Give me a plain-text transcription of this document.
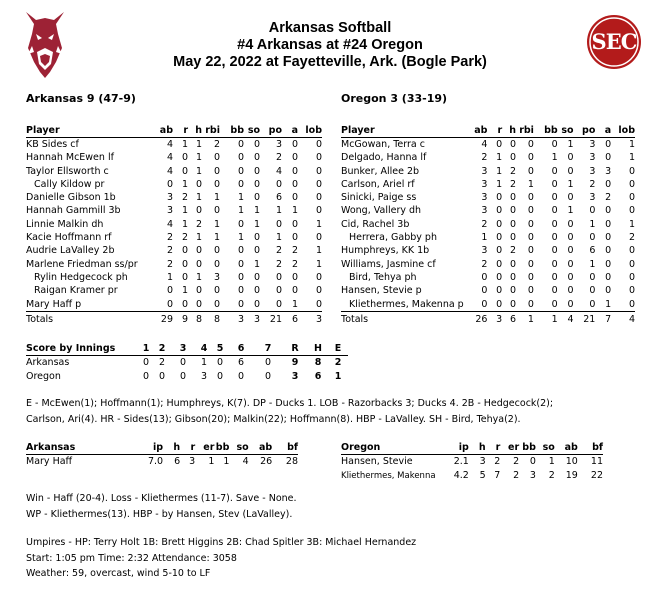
SEC
Arkansas Softball
#4 Arkansas at #24 Oregon
May 22, 2022 at Fayetteville, Ark. (Bogle Park)
Arkansas 9 (47-9)	Oregon 3 (33-19)
Player	ab	r	h	rbi	bb	so	po	a	lob
KB Sides cf	4	1	1	2	0	0	3	0	0
Hannah McEwen lf	4	0	1	0	0	0	2	0	0
Taylor Ellsworth c	4	0	1	0	0	0	4	0	0
Cally Kildow pr	0	1	0	0	0	0	0	0	0
Danielle Gibson 1b	3	2	1	1	1	0	6	0	0
Hannah Gammill 3b	3	1	0	0	1	1	1	1	0
Linnie Malkin dh	4	1	2	1	0	1	0	0	1
Kacie Hoffmann rf	2	2	1	1	1	0	1	0	0
Audrie LaValley 2b	2	0	0	0	0	0	2	2	1
Marlene Friedman ss/pr	2	0	0	0	0	1	2	2	1
Rylin Hedgecock ph	1	0	1	3	0	0	0	0	0
Raigan Kramer pr	0	1	0	0	0	0	0	0	0
Mary Haff p	0	0	0	0	0	0	0	1	0
Totals	29	9	8	8	3	3	21	6	3
Player	ab	r	h	rbi	bb	so	po	a	lob
McGowan, Terra c	4	0	0	0	0	1	3	0	1
Delgado, Hanna lf	2	1	0	0	1	0	3	0	1
Bunker, Allee 2b	3	1	2	0	0	0	3	3	0
Carlson, Ariel rf	3	1	2	1	0	1	2	0	0
Sinicki, Paige ss	3	0	0	0	0	0	3	2	0
Wong, Vallery dh	3	0	0	0	0	1	0	0	0
Cid, Rachel 3b	2	0	0	0	0	0	1	0	1
Herrera, Gabby ph	1	0	0	0	0	0	0	0	2
Humphreys, KK 1b	3	0	2	0	0	0	6	0	0
Williams, Jasmine cf	2	0	0	0	0	0	1	0	0
Bird, Tehya ph	0	0	0	0	0	0	0	0	0
Hansen, Stevie p	0	0	0	0	0	0	0	0	0
Kliethermes, Makenna p	0	0	0	0	0	0	0	1	0
Totals	26	3	6	1	1	4	21	7	4
Score by Innings	1	2	3	4	5	6	7	R	H	E
Arkansas	0	2	0	1	0	6	0	9	8	2
Oregon	0	0	0	3	0	0	0	3	6	1
E - McEwen(1); Hoffmann(1); Humphreys, K(7). DP - Ducks 1. LOB - Razorbacks 3; Ducks 4. 2B - Hedgecock(2);
Carlson, Ari(4). HR - Sides(13); Gibson(20); Malkin(22); Hoffmann(8). HBP - LaValley. SH - Bird, Tehya(2).
Arkansas	ip	h	r	er	bb	so	ab	bf
Mary Haff	7.0	6	3	1	1	4	26	28
Oregon	ip	h	r	er	bb	so	ab	bf
Hansen, Stevie	2.1	3	2	2	0	1	10	11
Kliethermes, Makenna	4.2	5	7	2	3	2	19	22
Win - Haff (20-4). Loss - Kliethermes (11-7). Save - None.
WP - Kliethermes(13). HBP - by Hansen, Stev (LaValley).
Umpires - HP: Terry Holt 1B: Brett Higgins 2B: Chad Spitler 3B: Michael Hernandez
Start: 1:05 pm Time: 2:32 Attendance: 3058
Weather: 59, overcast, wind 5-10 to LF
